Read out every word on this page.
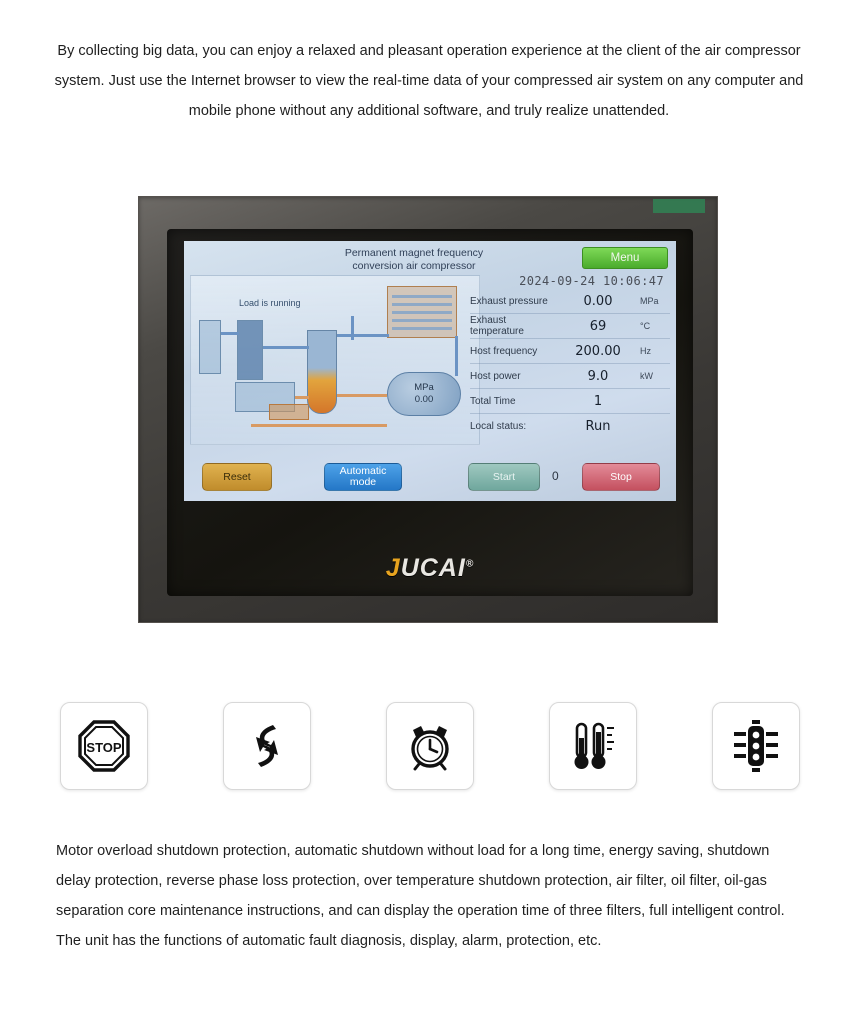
By collecting big data, you can enjoy a relaxed and pleasant operation experience at the client of the air compressor system. Just use the Internet browser to view the real-time data of your compressed air system on any computer and mobile phone without any additional software, and truly realize unattended.

Permanent magnet frequency
conversion air compressor
Menu
2024-09-24 10:06:47
Load is running
MPa
0.00
Exhaust pressure	0.00	MPa
Exhaust temperature	69	°C
Host frequency	200.00	Hz
Host power	9.0	kW
Total Time	1
Local status:	Run
Reset	Automatic
mode	Start	0	Stop
JUCAI®
STOP

Motor overload shutdown protection, automatic shutdown without load for a long time, energy saving, shutdown delay protection, reverse phase loss protection, over temperature shutdown protection, air filter, oil filter, oil-gas separation core maintenance instructions, and can display the operation time of three filters, full intelligent control. The unit has the functions of automatic fault diagnosis, display, alarm, protection, etc.
